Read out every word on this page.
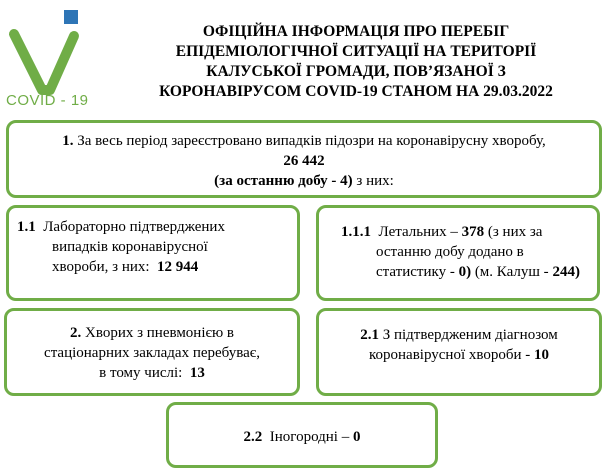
COVID - 19
ОФІЦІЙНА ІНФОРМАЦІЯ ПРО ПЕРЕБІГ
ЕПІДЕМІОЛОГІЧНОЇ СИТУАЦІЇ НА ТЕРИТОРІЇ
КАЛУСЬКОЇ ГРОМАДИ, ПОВ’ЯЗАНОЇ З
КОРОНАВІРУСОМ COVID-19 СТАНОМ НА 29.03.2022
1. За весь період зареєстровано випадків підозри на коронавірусну хворобу,
26 442
(за останню добу - 4) з них:
1.1 Лабораторно підтверджених
випадків коронавірусної
хвороби, з них: 12 944
1.1.1 Летальних – 378 (з них за
останню добу додано в
статистику - 0) (м. Калуш - 244)
2. Хворих з пневмонією в
стаціонарних закладах перебуває,
в тому числі: 13
2.1 З підтвердженим діагнозом
коронавірусної хвороби - 10
2.2 Іногородні – 0
